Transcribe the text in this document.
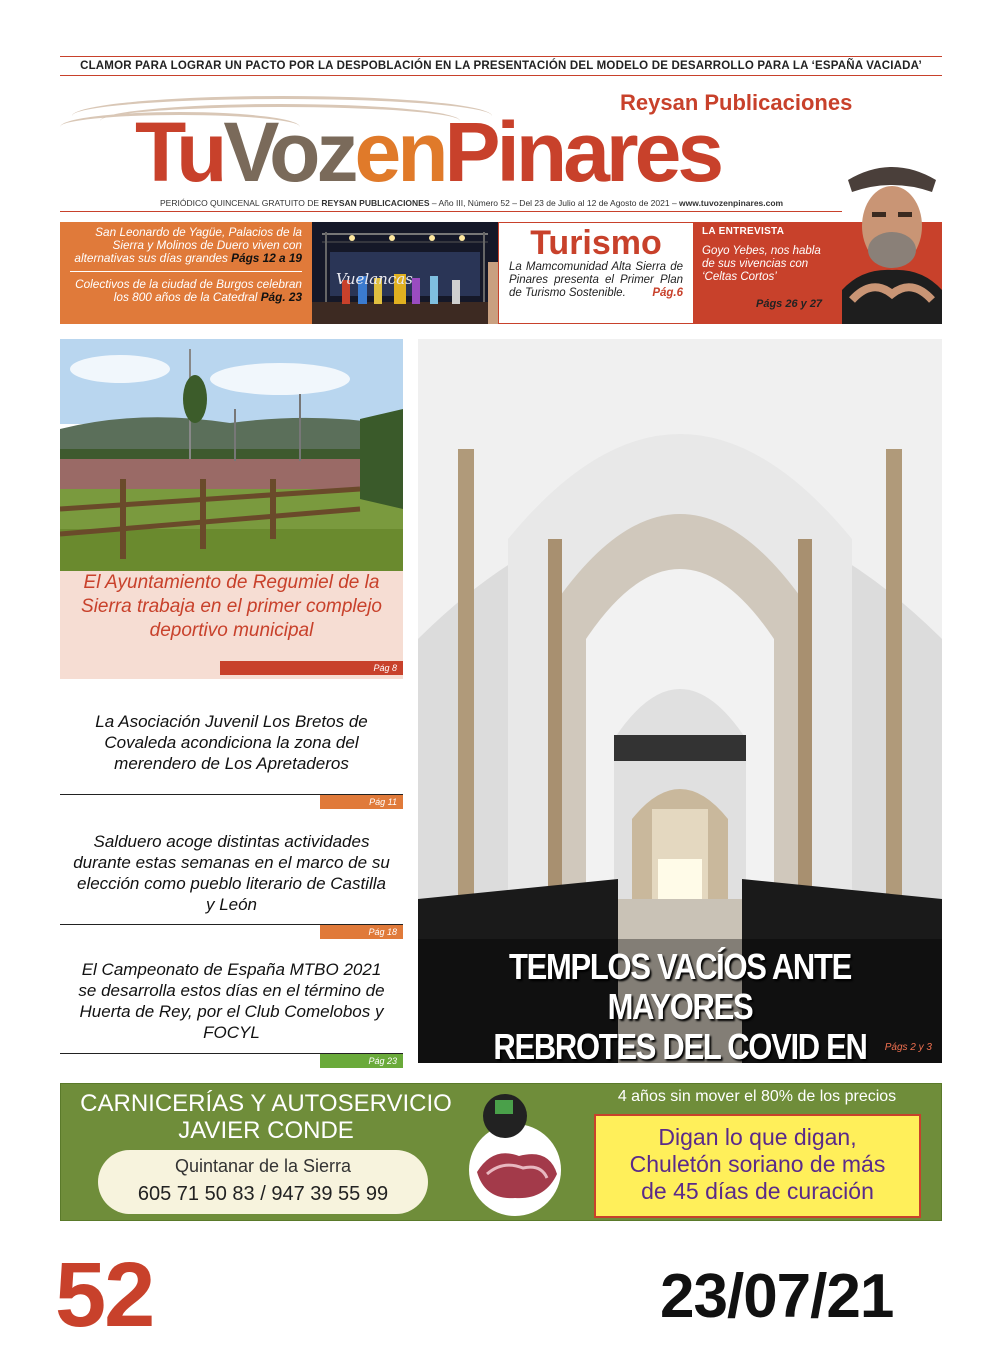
CLAMOR PARA LOGRAR UN PACTO POR LA DESPOBLACIÓN EN LA PRESENTACIÓN DEL MODELO DE DESARROLLO PARA LA ‘ESPAÑA VACIADA’
Reysan Publicaciones
TuVozenPinares
PERIÓDICO QUINCENAL GRATUITO DE REYSAN PUBLICACIONES – Año III, Número 52 – Del 23 de Julio al 12 de Agosto de 2021 – www.tuvozenpinares.com
San Leonardo de Yagüe, Palacios de la Sierra y Molinos de Duero viven con alternativas sus días grandes Págs 12 a 19
Colectivos de la ciudad de Burgos celebran los 800 años de la Catedral Pág. 23
Vuelancas
Turismo
La Mamcomunidad Alta Sierra de Pinares presenta el Primer Plan de Turismo Sostenible. Pág.6
LA ENTREVISTA
Goyo Yebes, nos habla de sus vivencias con ‘Celtas Cortos’
Págs 26 y 27
El Ayuntamiento de Regumiel de la Sierra trabaja en el primer complejo deportivo municipal
Pág 8
La Asociación Juvenil Los Bretos de Covaleda acondiciona la zona del merendero de Los Apretaderos
Pág 11
Salduero acoge distintas actividades durante estas semanas en el marco de su elección como pueblo literario de Castilla y León
Pág 18
El Campeonato de España MTBO 2021 se desarrolla estos días en el término de Huerta de Rey, por el Club Comelobos y FOCYL
Pág 23
TEMPLOS VACÍOS ANTE MAYORES
REBROTES DEL COVID EN	Págs 2 y 3
CARNICERÍAS Y AUTOSERVICIO
JAVIER CONDE
Quintanar de la Sierra
605 71 50 83 / 947 39 55 99
4 años sin mover el 80% de los precios
Digan lo que digan,
Chuletón soriano de más
de 45 días de curación
52	23/07/21
